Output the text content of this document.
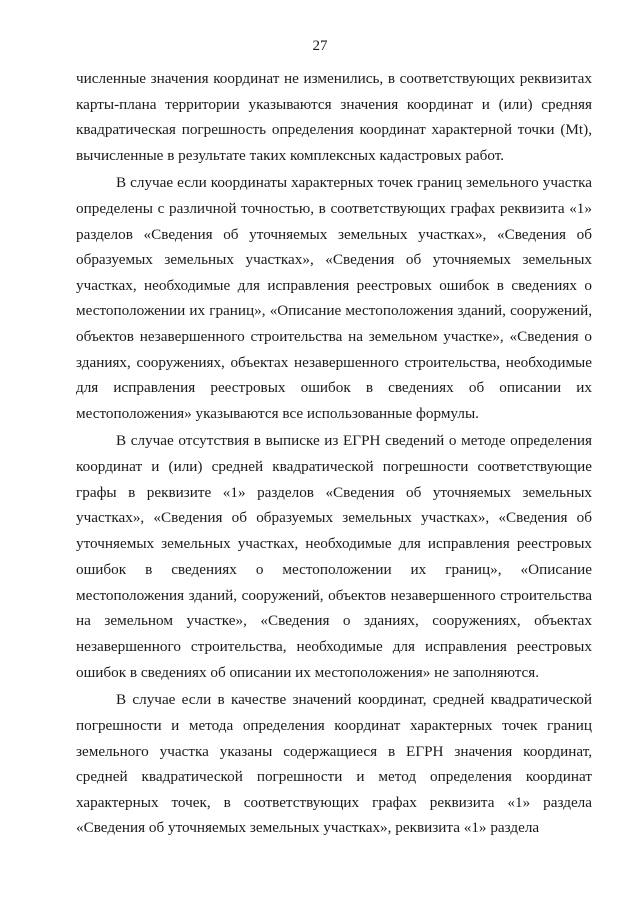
27

численные значения координат не изменились, в соответствующих реквизитах карты-плана территории указываются значения координат и (или) средняя квадратическая погрешность определения координат характерной точки (Mt), вычисленные в результате таких комплексных кадастровых работ.

В случае если координаты характерных точек границ земельного участка определены с различной точностью, в соответствующих графах реквизита «1» разделов «Сведения об уточняемых земельных участках», «Сведения об образуемых земельных участках», «Сведения об уточняемых земельных участках, необходимые для исправления реестровых ошибок в сведениях о местоположении их границ», «Описание местоположения зданий, сооружений, объектов незавершенного строительства на земельном участке», «Сведения о зданиях, сооружениях, объектах незавершенного строительства, необходимые для исправления реестровых ошибок в сведениях об описании их местоположения» указываются все использованные формулы.

В случае отсутствия в выписке из ЕГРН сведений о методе определения координат и (или) средней квадратической погрешности соответствующие графы в реквизите «1» разделов «Сведения об уточняемых земельных участках», «Сведения об образуемых земельных участках», «Сведения об уточняемых земельных участках, необходимые для исправления реестровых ошибок в сведениях о местоположении их границ», «Описание местоположения зданий, сооружений, объектов незавершенного строительства на земельном участке», «Сведения о зданиях, сооружениях, объектах незавершенного строительства, необходимые для исправления реестровых ошибок в сведениях об описании их местоположения» не заполняются.

В случае если в качестве значений координат, средней квадратической погрешности и метода определения координат характерных точек границ земельного участка указаны содержащиеся в ЕГРН значения координат, средней квадратической погрешности и метод определения координат характерных точек, в соответствующих графах реквизита «1» раздела «Сведения об уточняемых земельных участках», реквизита «1» раздела
